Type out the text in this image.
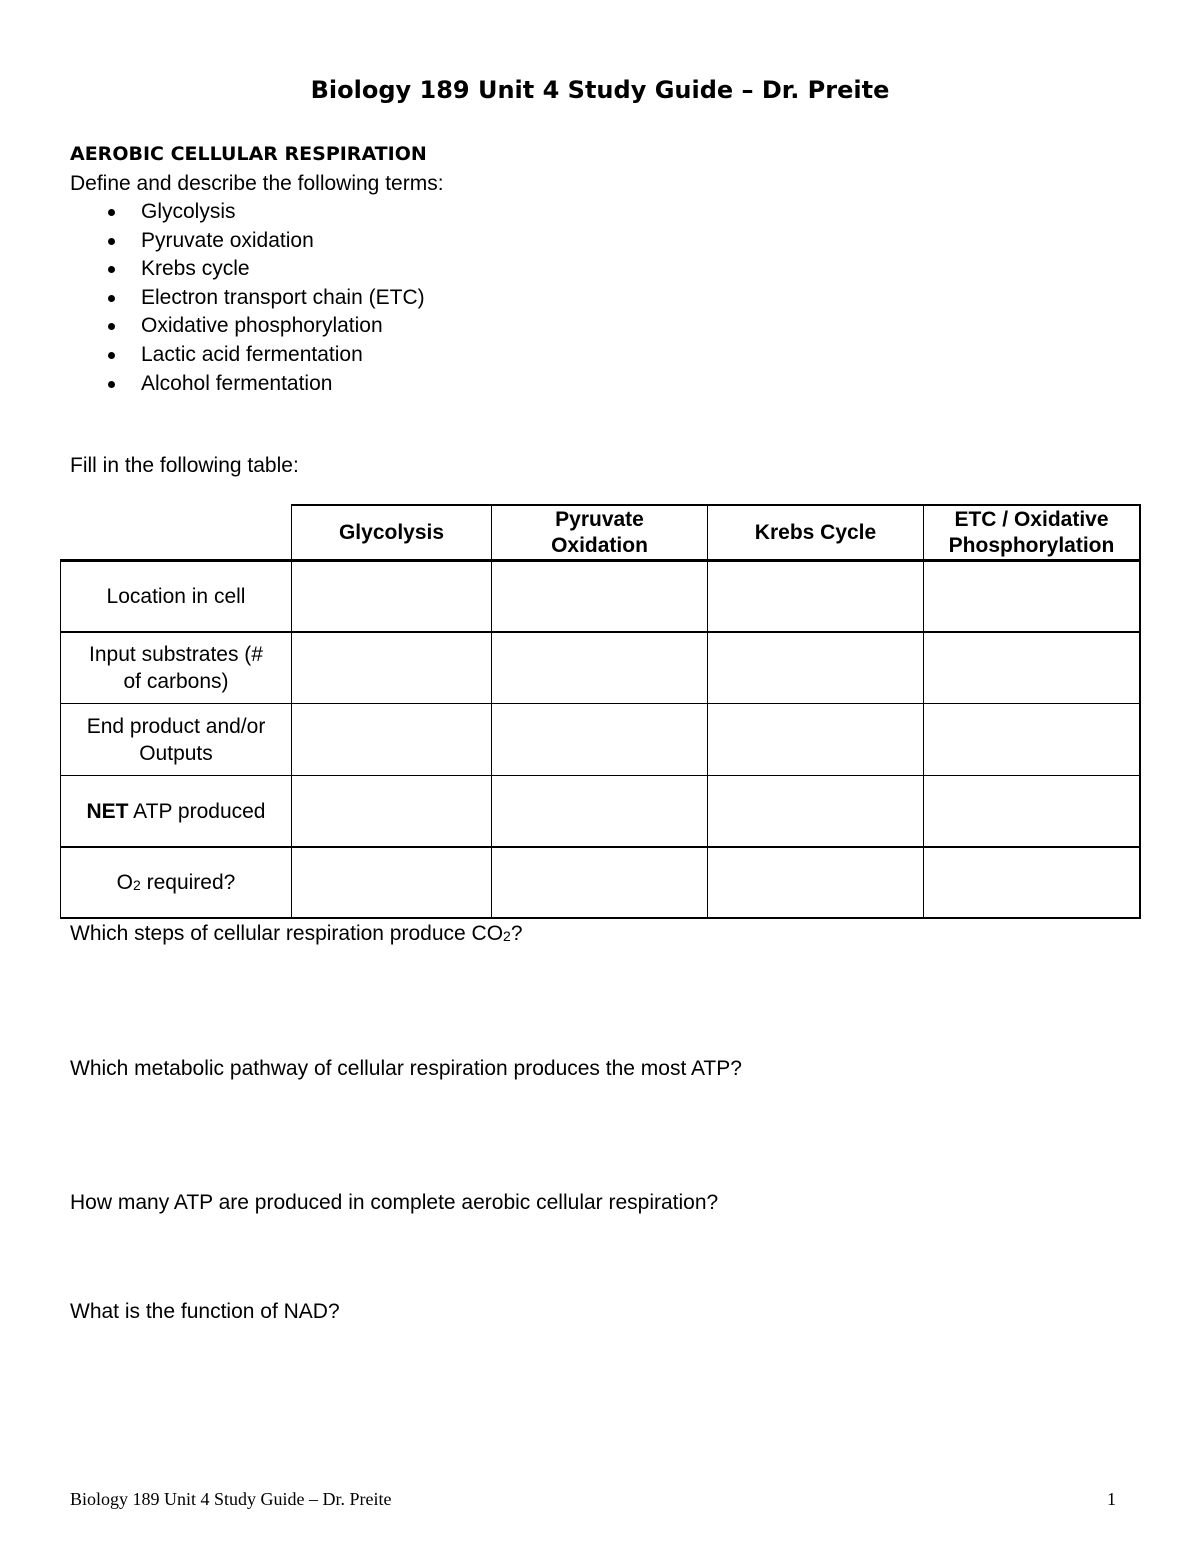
Biology 189 Unit 4 Study Guide – Dr. Preite
AEROBIC CELLULAR RESPIRATION
Define and describe the following terms:
Glycolysis
Pyruvate oxidation
Krebs cycle
Electron transport chain (ETC)
Oxidative phosphorylation
Lactic acid fermentation
Alcohol fermentation
Fill in the following table:
Glycolysis
Pyruvate
Oxidation
Krebs Cycle
ETC / Oxidative
Phosphorylation
Location in cell
Input substrates (#
of carbons)
End product and/or
Outputs
NET ATP produced
$O_2$ required?
Which steps of cellular respiration produce $CO_2$?
Which metabolic pathway of cellular respiration produces the most ATP?
How many ATP are produced in complete aerobic cellular respiration?
What is the function of NAD?
Biology 189 Unit 4 Study Guide – Dr. Preite	1
